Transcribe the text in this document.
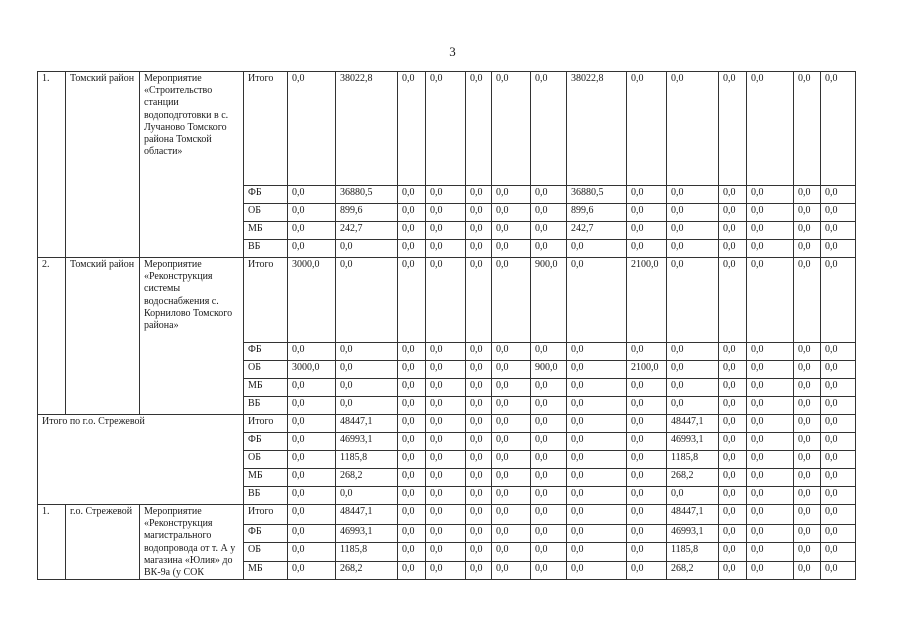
3
1.	Томский район	Мероприятие «Строительство станции водоподготовки в с. Лучаново Томского района Томской области»	Итого	0,0	38022,8	0,0	0,0	0,0	0,0	0,0	38022,8	0,0	0,0	0,0	0,0	0,0	0,0
			ФБ	0,0	36880,5	0,0	0,0	0,0	0,0	0,0	36880,5	0,0	0,0	0,0	0,0	0,0	0,0
			ОБ	0,0	899,6	0,0	0,0	0,0	0,0	0,0	899,6	0,0	0,0	0,0	0,0	0,0	0,0
			МБ	0,0	242,7	0,0	0,0	0,0	0,0	0,0	242,7	0,0	0,0	0,0	0,0	0,0	0,0
			ВБ	0,0	0,0	0,0	0,0	0,0	0,0	0,0	0,0	0,0	0,0	0,0	0,0	0,0	0,0
2.	Томский район	Мероприятие «Реконструкция системы водоснабжения с. Корнилово Томского района»	Итого	3000,0	0,0	0,0	0,0	0,0	0,0	900,0	0,0	2100,0	0,0	0,0	0,0	0,0	0,0
			ФБ	0,0	0,0	0,0	0,0	0,0	0,0	0,0	0,0	0,0	0,0	0,0	0,0	0,0	0,0
			ОБ	3000,0	0,0	0,0	0,0	0,0	0,0	900,0	0,0	2100,0	0,0	0,0	0,0	0,0	0,0
			МБ	0,0	0,0	0,0	0,0	0,0	0,0	0,0	0,0	0,0	0,0	0,0	0,0	0,0	0,0
			ВБ	0,0	0,0	0,0	0,0	0,0	0,0	0,0	0,0	0,0	0,0	0,0	0,0	0,0	0,0
Итого по г.о. Стрежевой			Итого	0,0	48447,1	0,0	0,0	0,0	0,0	0,0	0,0	0,0	48447,1	0,0	0,0	0,0	0,0
			ФБ	0,0	46993,1	0,0	0,0	0,0	0,0	0,0	0,0	0,0	46993,1	0,0	0,0	0,0	0,0
			ОБ	0,0	1185,8	0,0	0,0	0,0	0,0	0,0	0,0	0,0	1185,8	0,0	0,0	0,0	0,0
			МБ	0,0	268,2	0,0	0,0	0,0	0,0	0,0	0,0	0,0	268,2	0,0	0,0	0,0	0,0
			ВБ	0,0	0,0	0,0	0,0	0,0	0,0	0,0	0,0	0,0	0,0	0,0	0,0	0,0	0,0
1.	г.о. Стрежевой	Мероприятие «Реконструкция магистрального водопровода от т. А у магазина «Юлия» до ВК-9а (у СОК	Итого	0,0	48447,1	0,0	0,0	0,0	0,0	0,0	0,0	0,0	48447,1	0,0	0,0	0,0	0,0
			ФБ	0,0	46993,1	0,0	0,0	0,0	0,0	0,0	0,0	0,0	46993,1	0,0	0,0	0,0	0,0
			ОБ	0,0	1185,8	0,0	0,0	0,0	0,0	0,0	0,0	0,0	1185,8	0,0	0,0	0,0	0,0
			МБ	0,0	268,2	0,0	0,0	0,0	0,0	0,0	0,0	0,0	268,2	0,0	0,0	0,0	0,0
